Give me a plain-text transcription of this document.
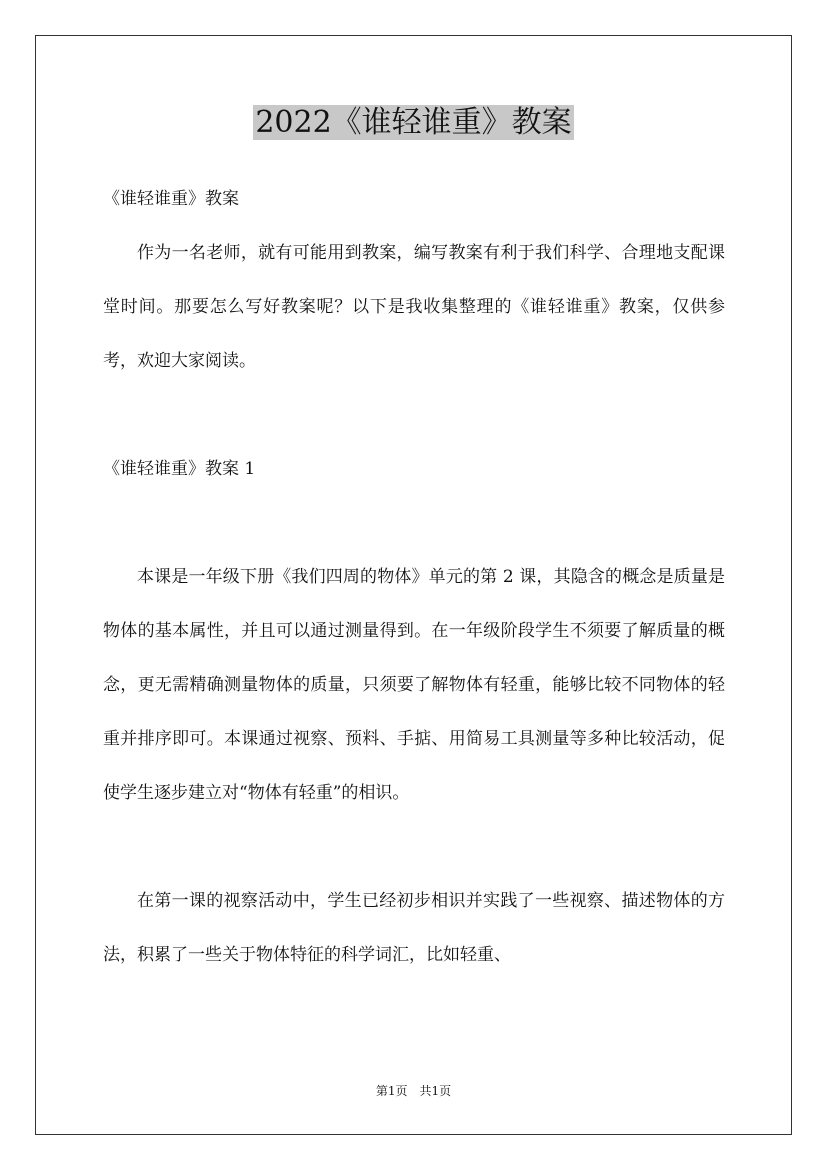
2022《谁轻谁重》教案

《谁轻谁重》教案

作为一名老师，就有可能用到教案，编写教案有利于我们科学、合理地支配课堂时间。那要怎么写好教案呢？以下是我收集整理的《谁轻谁重》教案，仅供参考，欢迎大家阅读。

《谁轻谁重》教案 1

本课是一年级下册《我们四周的物体》单元的第 2 课，其隐含的概念是质量是物体的基本属性，并且可以通过测量得到。在一年级阶段学生不须要了解质量的概念，更无需精确测量物体的质量，只须要了解物体有轻重，能够比较不同物体的轻重并排序即可。本课通过视察、预料、手掂、用简易工具测量等多种比较活动，促使学生逐步建立对“物体有轻重”的相识。

在第一课的视察活动中，学生已经初步相识并实践了一些视察、描述物体的方法，积累了一些关于物体特征的科学词汇，比如轻重、

第1页　共1页
